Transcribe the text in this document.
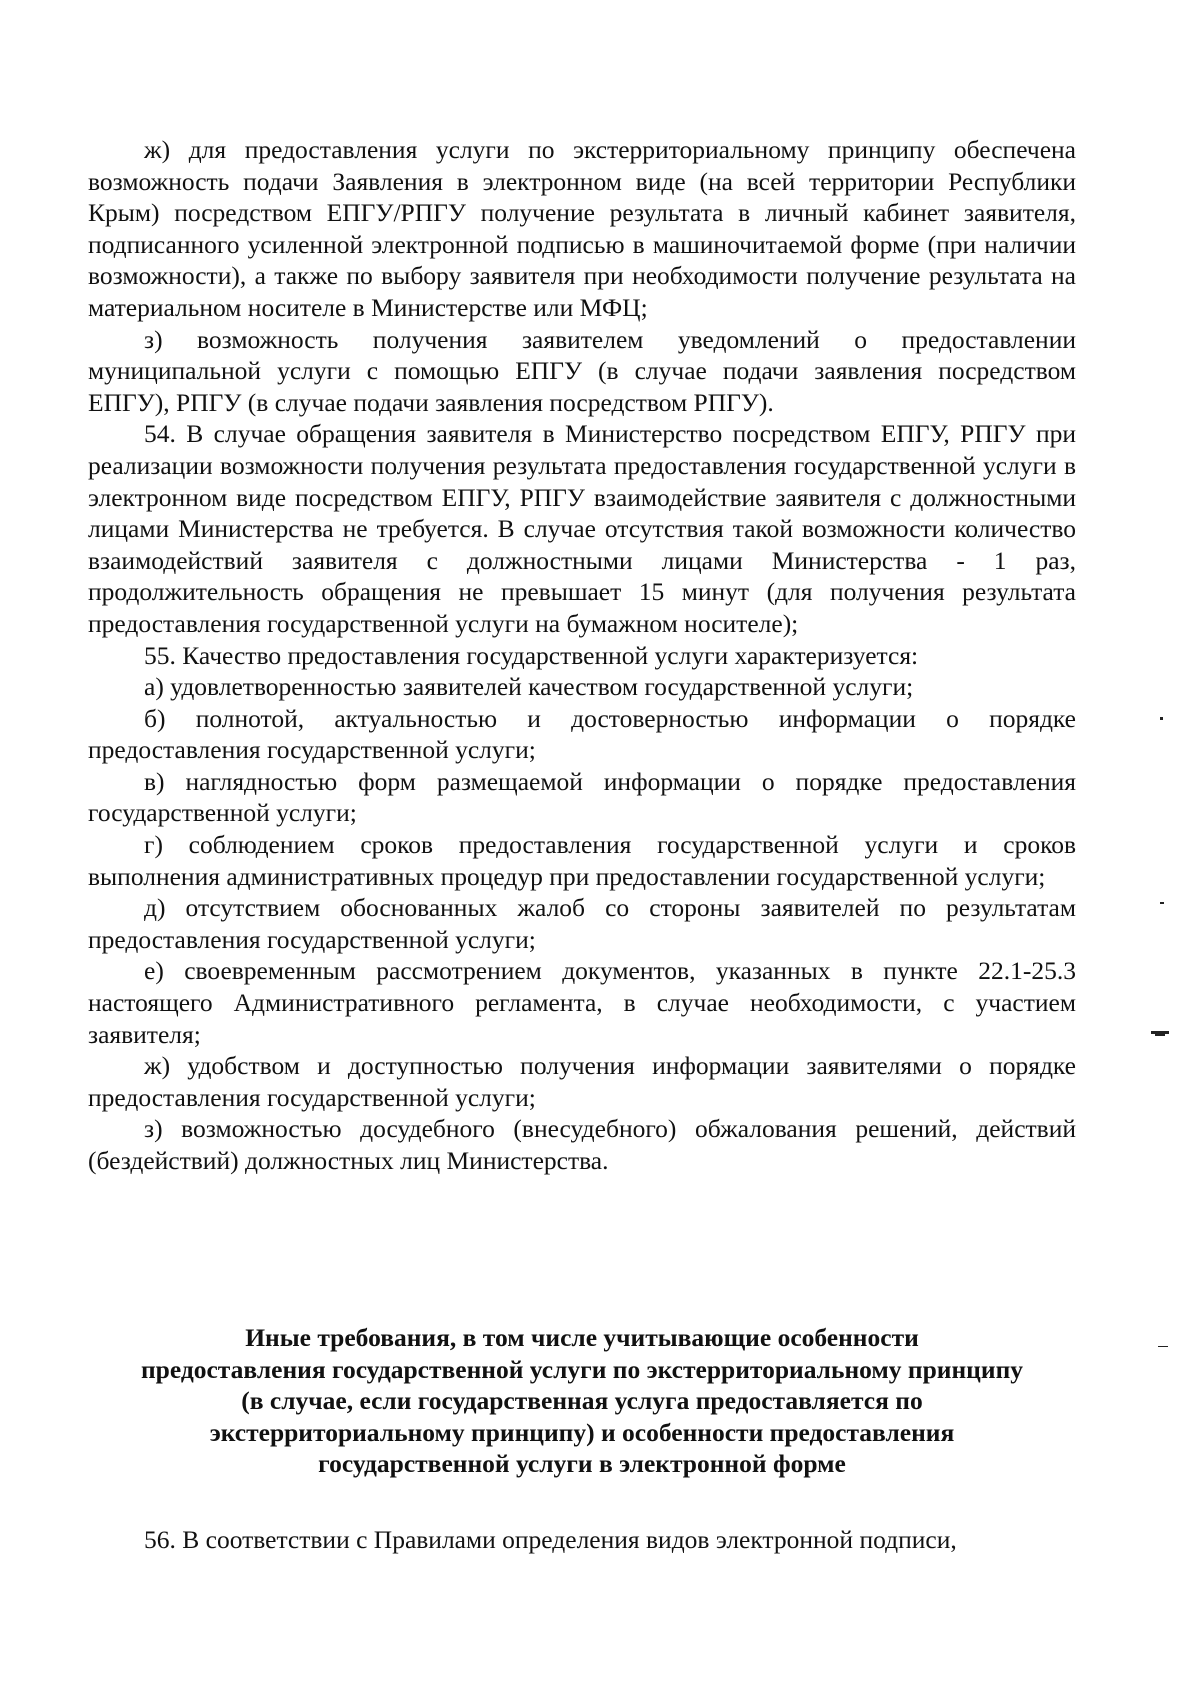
ж) для предоставления услуги по экстерриториальному принципу обеспечена возможность подачи Заявления в электронном виде (на всей территории Республики Крым) посредством ЕПГУ/РПГУ получение результата в личный кабинет заявителя, подписанного усиленной электронной подписью в машиночитаемой форме (при наличии возможности), а также по выбору заявителя при необходимости получение результата на материальном носителе в Министерстве или МФЦ;

з) возможность получения заявителем уведомлений о предоставлении муниципальной услуги с помощью ЕПГУ (в случае подачи заявления посредством ЕПГУ), РПГУ (в случае подачи заявления посредством РПГУ).

54. В случае обращения заявителя в Министерство посредством ЕПГУ, РПГУ при реализации возможности получения результата предоставления государственной услуги в электронном виде посредством ЕПГУ, РПГУ взаимодействие заявителя с должностными лицами Министерства не требуется. В случае отсутствия такой возможности количество взаимодействий заявителя с должностными лицами Министерства - 1 раз, продолжительность обращения не превышает 15 минут (для получения результата предоставления государственной услуги на бумажном носителе);

55. Качество предоставления государственной услуги характеризуется:

а) удовлетворенностью заявителей качеством государственной услуги;

б) полнотой, актуальностью и достоверностью информации о порядке предоставления государственной услуги;

в) наглядностью форм размещаемой информации о порядке предоставления государственной услуги;

г) соблюдением сроков предоставления государственной услуги и сроков выполнения административных процедур при предоставлении государственной услуги;

д) отсутствием обоснованных жалоб со стороны заявителей по результатам предоставления государственной услуги;

е) своевременным рассмотрением документов, указанных в пункте 22.1-25.3 настоящего Административного регламента, в случае необходимости, с участием заявителя;

ж) удобством и доступностью получения информации заявителями о порядке предоставления государственной услуги;

з) возможностью досудебного (внесудебного) обжалования решений, действий (бездействий) должностных лиц Министерства.

Иные требования, в том числе учитывающие особенности
предоставления государственной услуги по экстерриториальному принципу
(в случае, если государственная услуга предоставляется по
экстерриториальному принципу) и особенности предоставления
государственной услуги в электронной форме

56. В соответствии с Правилами определения видов электронной подписи,
